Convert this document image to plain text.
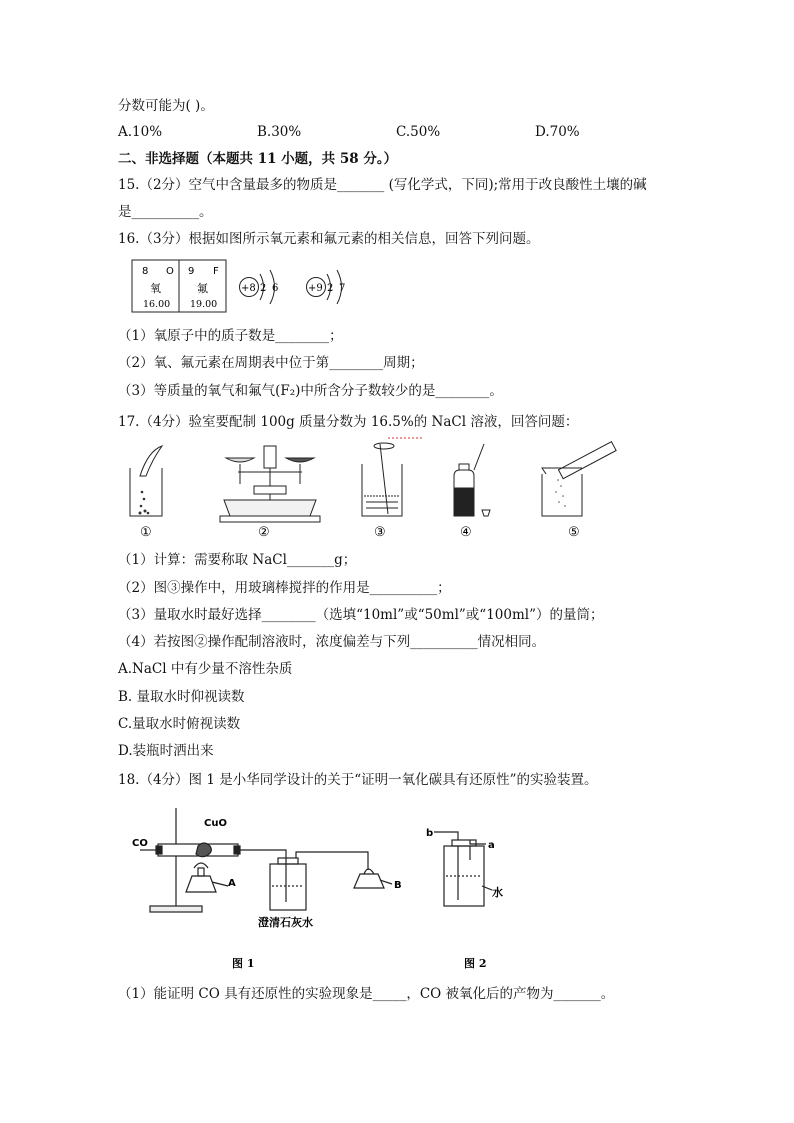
分数可能为( )。
A.10%	B.30%	C.50%	D.70%
二、非选择题（本题共 11 小题，共 58 分。）
15.（2分）空气中含量最多的物质是_______ (写化学式，下同);常用于改良酸性土壤的碱
是__________。
16.（3分）根据如图所示氧元素和氟元素的相关信息，回答下列问题。
8 O
氧
16.00
9 F
氟
19.00
+8 2 6	+9 2 7
（1）氧原子中的质子数是________；
（2）氧、氟元素在周期表中位于第________周期；
（3）等质量的氧气和氟气(F₂)中所含分子数较少的是________。
17.（4分）验室要配制 100g 质量分数为 16.5%的 NaCl 溶液，回答问题：
①	②	③	④	⑤
（1）计算：需要称取 NaCl_______g；
（2）图③操作中，用玻璃棒搅拌的作用是__________；
（3）量取水时最好选择________（选填“10ml”或“50ml”或“100ml”）的量筒；
（4）若按图②操作配制溶液时，浓度偏差与下列__________情况相同。
A.NaCl 中有少量不溶性杂质
B. 量取水时仰视读数
C.量取水时俯视读数
D.装瓶时洒出来
18.（4分）图 1 是小华同学设计的关于“证明一氧化碳具有还原性”的实验装置。
CO
CuO
A	B
澄清石灰水
图 1
b
a
水
图 2
（1）能证明 CO 具有还原性的实验现象是_____，CO 被氧化后的产物为_______。
